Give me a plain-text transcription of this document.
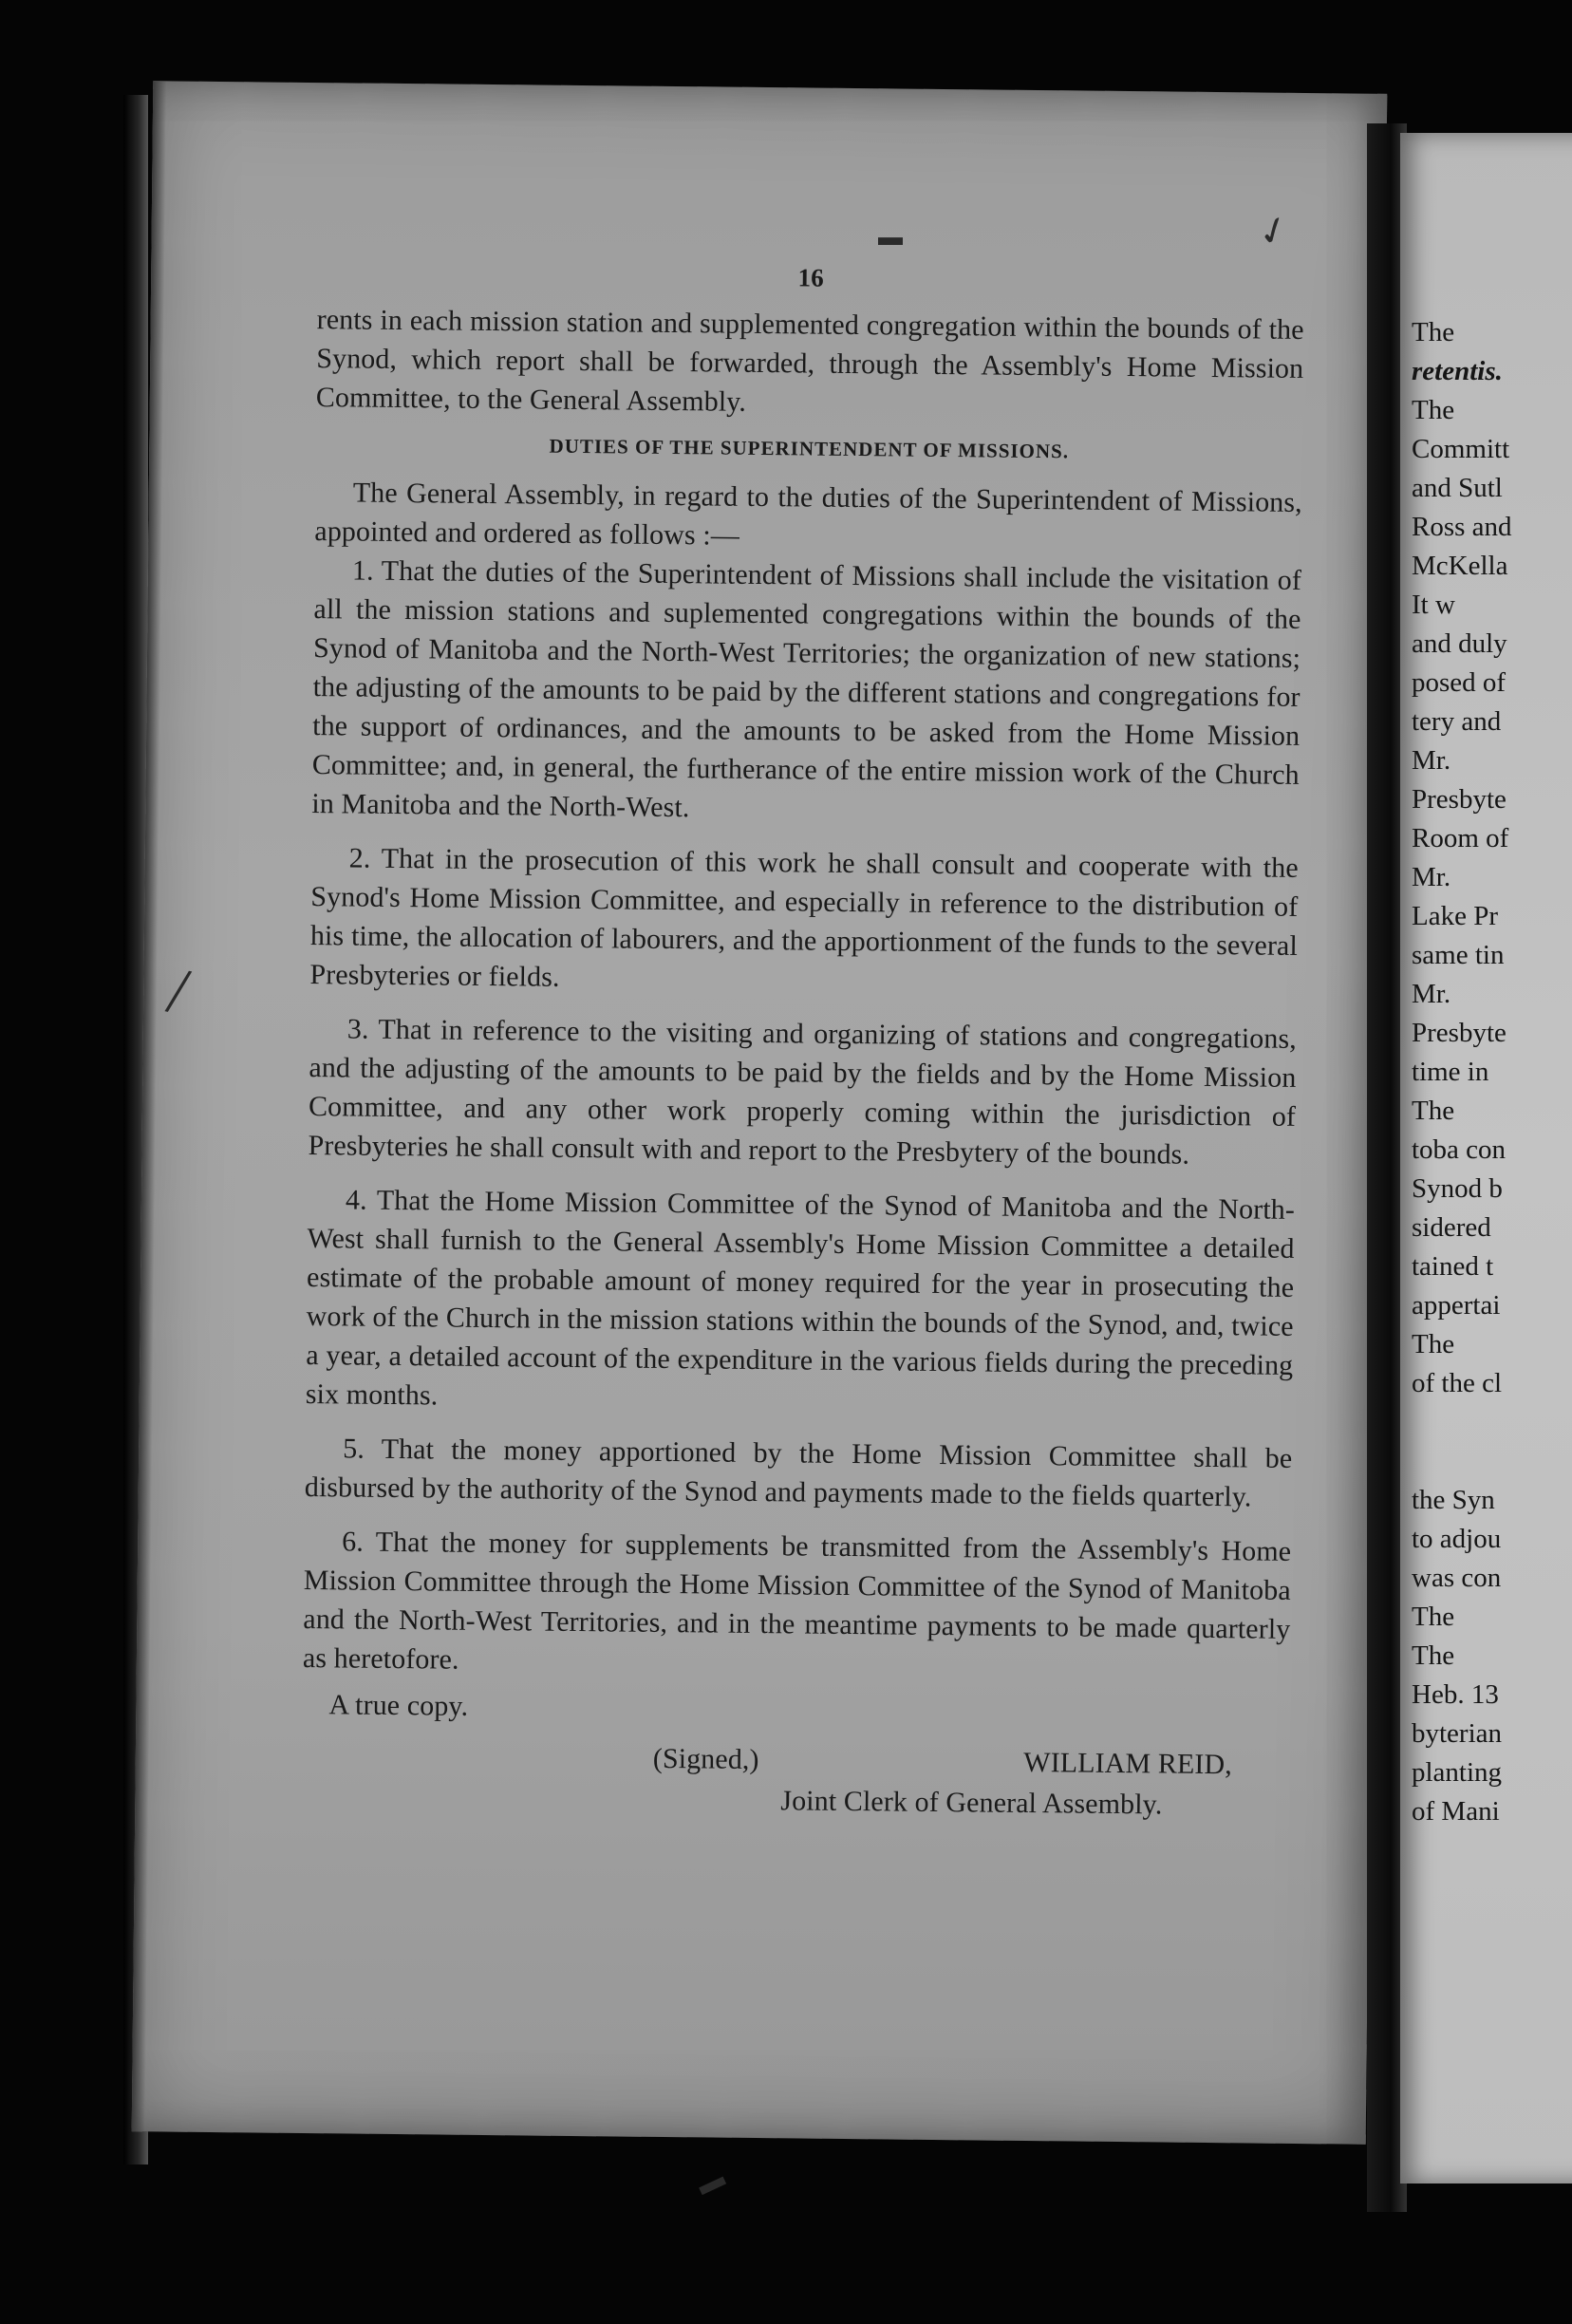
16

rents in each mission station and supplemented congregation within the bounds of the Synod, which report shall be forwarded, through the Assembly's Home Mission Committee, to the General Assembly.

DUTIES OF THE SUPERINTENDENT OF MISSIONS.

The General Assembly, in regard to the duties of the Superintendent of Missions, appointed and ordered as follows :—

1. That the duties of the Superintendent of Missions shall include the visitation of all the mission stations and suplemented congregations within the bounds of the Synod of Manitoba and the North-West Territories; the organization of new stations; the adjusting of the amounts to be paid by the different stations and congregations for the support of ordinances, and the amounts to be asked from the Home Mission Committee; and, in general, the furtherance of the entire mission work of the Church in Manitoba and the North-West.

2. That in the prosecution of this work he shall consult and cooperate with the Synod's Home Mission Committee, and especially in reference to the distribution of his time, the allocation of labourers, and the apportionment of the funds to the several Presbyteries or fields.

3. That in reference to the visiting and organizing of stations and congregations, and the adjusting of the amounts to be paid by the fields and by the Home Mission Committee, and any other work properly coming within the jurisdiction of Presbyteries he shall consult with and report to the Presbytery of the bounds.

4. That the Home Mission Committee of the Synod of Manitoba and the North-West shall furnish to the General Assembly's Home Mission Committee a detailed estimate of the probable amount of money required for the year in prosecuting the work of the Church in the mission stations within the bounds of the Synod, and, twice a year, a detailed account of the expenditure in the various fields during the preceding six months.

5. That the money apportioned by the Home Mission Committee shall be disbursed by the authority of the Synod and payments made to the fields quarterly.

6. That the money for supplements be transmitted from the Assembly's Home Mission Committee through the Home Mission Committee of the Synod of Manitoba and the North-West Territories, and in the meantime payments to be made quarterly as heretofore.

A true copy.
(Signed,)	WILLIAM REID,
Joint Clerk of General Assembly.
The
retentis.
The
Committ
and Sutl
Ross and
McKella
It w
and duly
posed of
tery and
Mr.
Presbyte
Room of
Mr.
Lake Pr
same tin
Mr.
Presbyte
time in
The
toba con
Synod b
sidered
tained t
appertai
The
of the cl
the Syn
to adjou
was con
The
The
Heb. 13
byterian
planting
of Mani
▬	✓
/
▬
